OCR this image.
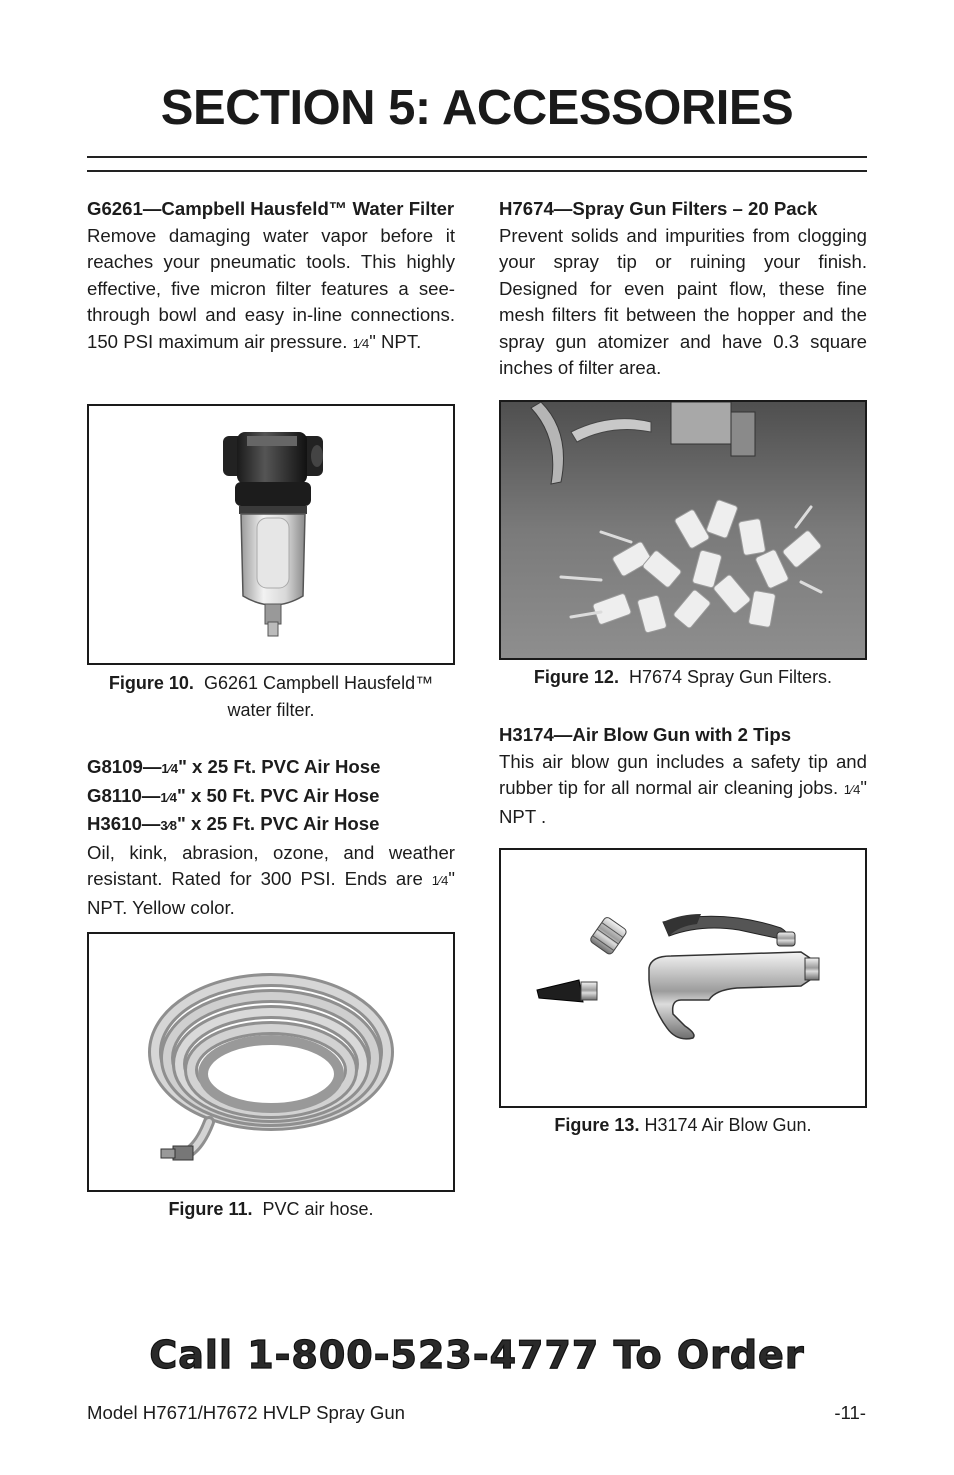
SECTION 5: ACCESSORIES
G6261—Campbell Hausfeld™ Water Filter
Remove damaging water vapor before it reaches your pneumatic tools. This highly effective, five micron filter features a see-through bowl and easy in-line connections. 150 PSI maximum air pressure. 1⁄4" NPT.
Figure 10. G6261 Campbell Hausfeld™
water filter.
G8109—1⁄4" x 25 Ft. PVC Air Hose
G8110—1⁄4" x 50 Ft. PVC Air Hose
H3610—3⁄8" x 25 Ft. PVC Air Hose
Oil, kink, abrasion, ozone, and weather resistant. Rated for 300 PSI. Ends are 1⁄4" NPT. Yellow color.
Figure 11. PVC air hose.
H7674—Spray Gun Filters – 20 Pack
Prevent solids and impurities from clogging your spray tip or ruining your finish. Designed for even paint flow, these fine mesh filters fit between the hopper and the spray gun atomizer and have 0.3 square inches of filter area.
Figure 12. H7674 Spray Gun Filters.
H3174—Air Blow Gun with 2 Tips
This air blow gun includes a safety tip and rubber tip for all normal air cleaning jobs. 1⁄4" NPT .
Figure 13. H3174 Air Blow Gun.
Call 1-800-523-4777 To Order
Model H7671/H7672 HVLP Spray Gun	-11-
